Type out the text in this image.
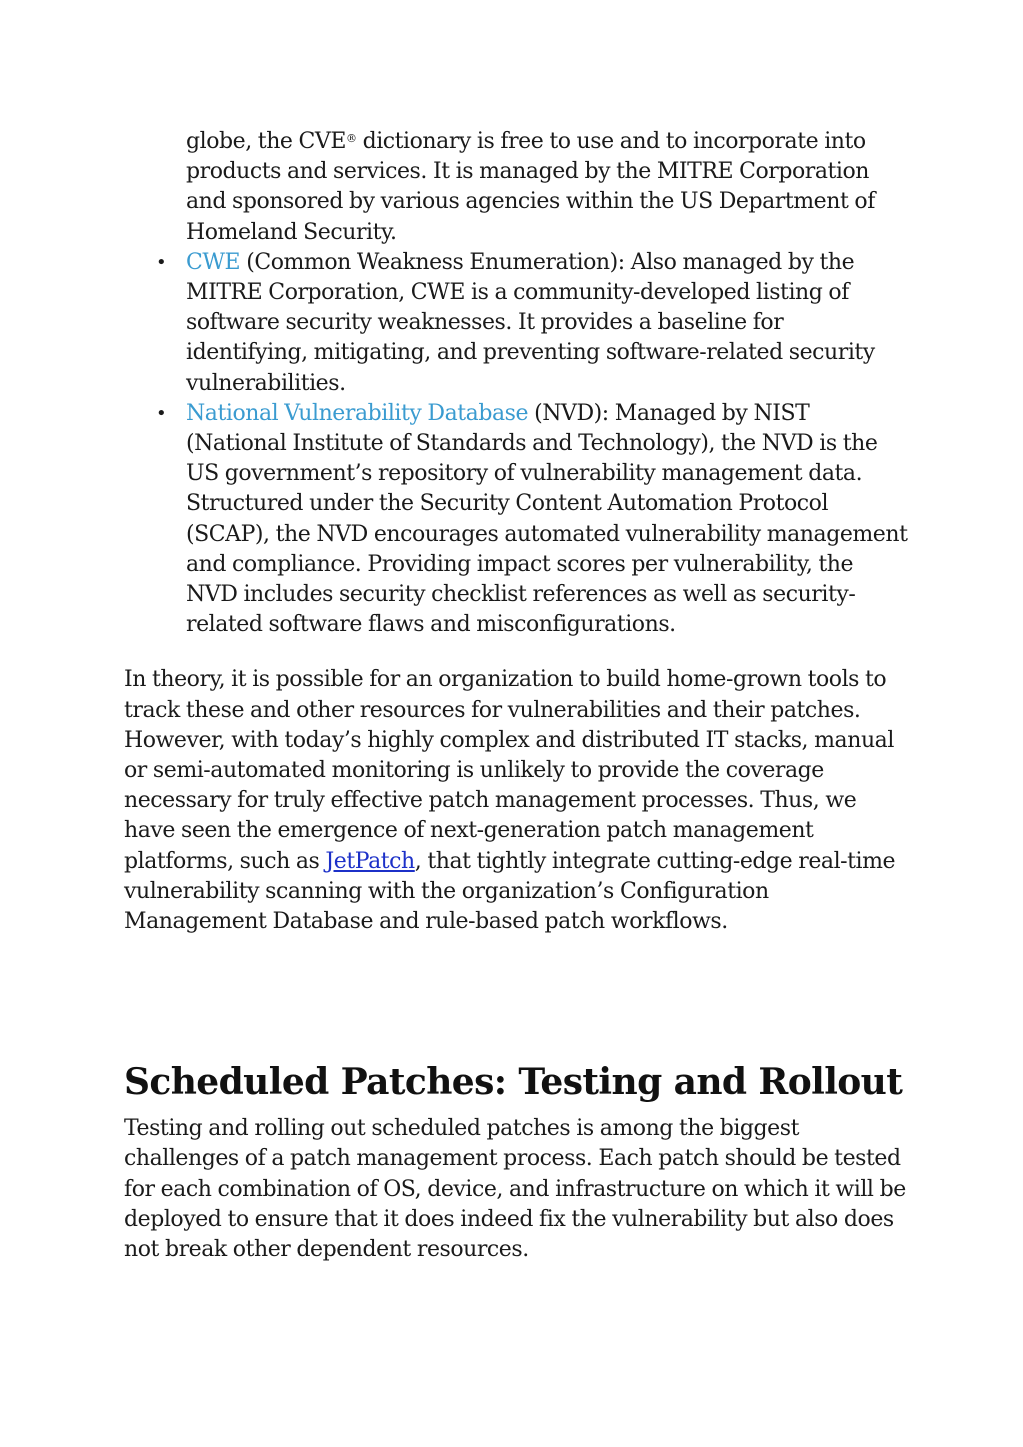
globe, the CVE® dictionary is free to use and to incorporate into products and services. It is managed by the MITRE Corporation and sponsored by various agencies within the US Department of Homeland Security.
• CWE (Common Weakness Enumeration): Also managed by the MITRE Corporation, CWE is a community-developed listing of software security weaknesses. It provides a baseline for identifying, mitigating, and preventing software-related security vulnerabilities.
• National Vulnerability Database (NVD): Managed by NIST (National Institute of Standards and Technology), the NVD is the US government’s repository of vulnerability management data. Structured under the Security Content Automation Protocol (SCAP), the NVD encourages automated vulnerability management and compliance. Providing impact scores per vulnerability, the NVD includes security checklist references as well as security-related software flaws and misconfigurations.

In theory, it is possible for an organization to build home-grown tools to track these and other resources for vulnerabilities and their patches. However, with today’s highly complex and distributed IT stacks, manual or semi-automated monitoring is unlikely to provide the coverage necessary for truly effective patch management processes. Thus, we have seen the emergence of next-generation patch management platforms, such as JetPatch, that tightly integrate cutting-edge real-time vulnerability scanning with the organization’s Configuration Management Database and rule-based patch workflows.

Scheduled Patches: Testing and Rollout

Testing and rolling out scheduled patches is among the biggest challenges of a patch management process. Each patch should be tested for each combination of OS, device, and infrastructure on which it will be deployed to ensure that it does indeed fix the vulnerability but also does not break other dependent resources.
